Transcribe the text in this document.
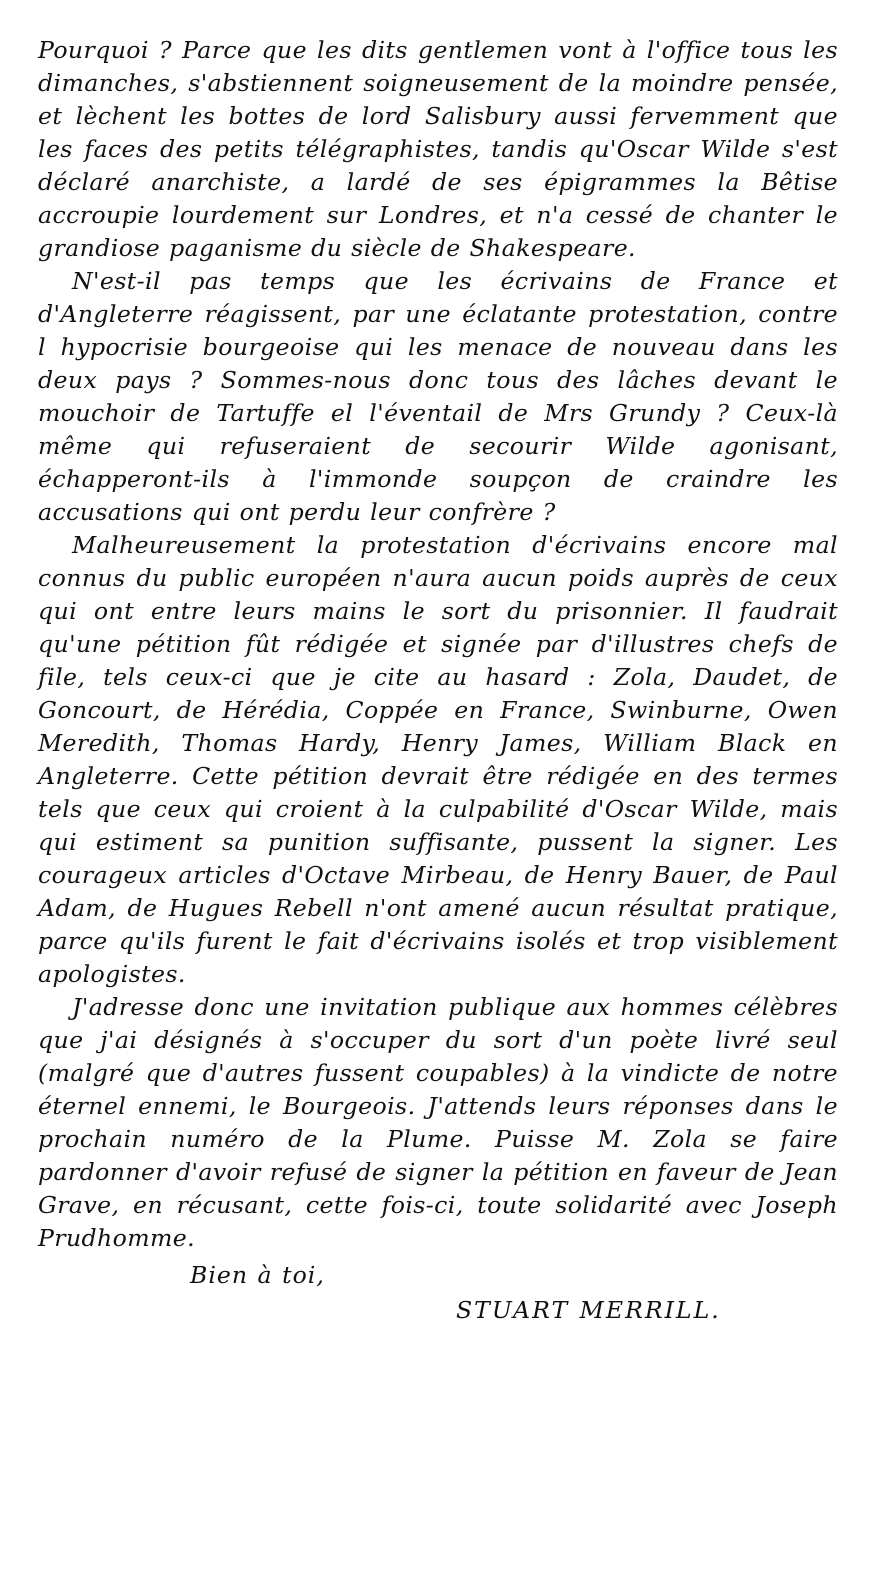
Pourquoi ? Parce que les dits gentlemen vont à l'office tous les dimanches, s'abstiennent soigneusement de la moindre pensée, et lèchent les bottes de lord Salisbury aussi fervemment que les faces des petits télégraphistes, tandis qu'Oscar Wilde s'est déclaré anarchiste, a lardé de ses épigrammes la Bêtise accroupie lourdement sur Londres, et n'a cessé de chanter le grandiose paganisme du siècle de Shakespeare.

N'est-il pas temps que les écrivains de France et d'Angleterre réagissent, par une éclatante protestation, contre l hypocrisie bourgeoise qui les menace de nouveau dans les deux pays ? Sommes-nous donc tous des lâches devant le mouchoir de Tartuffe el l'éventail de Mrs Grundy ? Ceux-là même qui refuseraient de secourir Wilde agonisant, échapperont-ils à l'immonde soupçon de craindre les accusations qui ont perdu leur confrère ?

Malheureusement la protestation d'écrivains encore mal connus du public européen n'aura aucun poids auprès de ceux qui ont entre leurs mains le sort du prisonnier. Il faudrait qu'une pétition fût rédigée et signée par d'illustres chefs de file, tels ceux-ci que je cite au hasard : Zola, Daudet, de Goncourt, de Hérédia, Coppée en France, Swinburne, Owen Meredith, Thomas Hardy, Henry James, William Black en Angleterre. Cette pétition devrait être rédigée en des termes tels que ceux qui croient à la culpabilité d'Oscar Wilde, mais qui estiment sa punition suffisante, pussent la signer. Les courageux articles d'Octave Mirbeau, de Henry Bauer, de Paul Adam, de Hugues Rebell n'ont amené aucun résultat pratique, parce qu'ils furent le fait d'écrivains isolés et trop visiblement apologistes.

J'adresse donc une invitation publique aux hommes célèbres que j'ai désignés à s'occuper du sort d'un poète livré seul (malgré que d'autres fussent coupables) à la vindicte de notre éternel ennemi, le Bourgeois. J'attends leurs réponses dans le prochain numéro de la Plume. Puisse M. Zola se faire pardonner d'avoir refusé de signer la pétition en faveur de Jean Grave, en récusant, cette fois-ci, toute solidarité avec Joseph Prudhomme.

Bien à toi,

STUART MERRILL.
